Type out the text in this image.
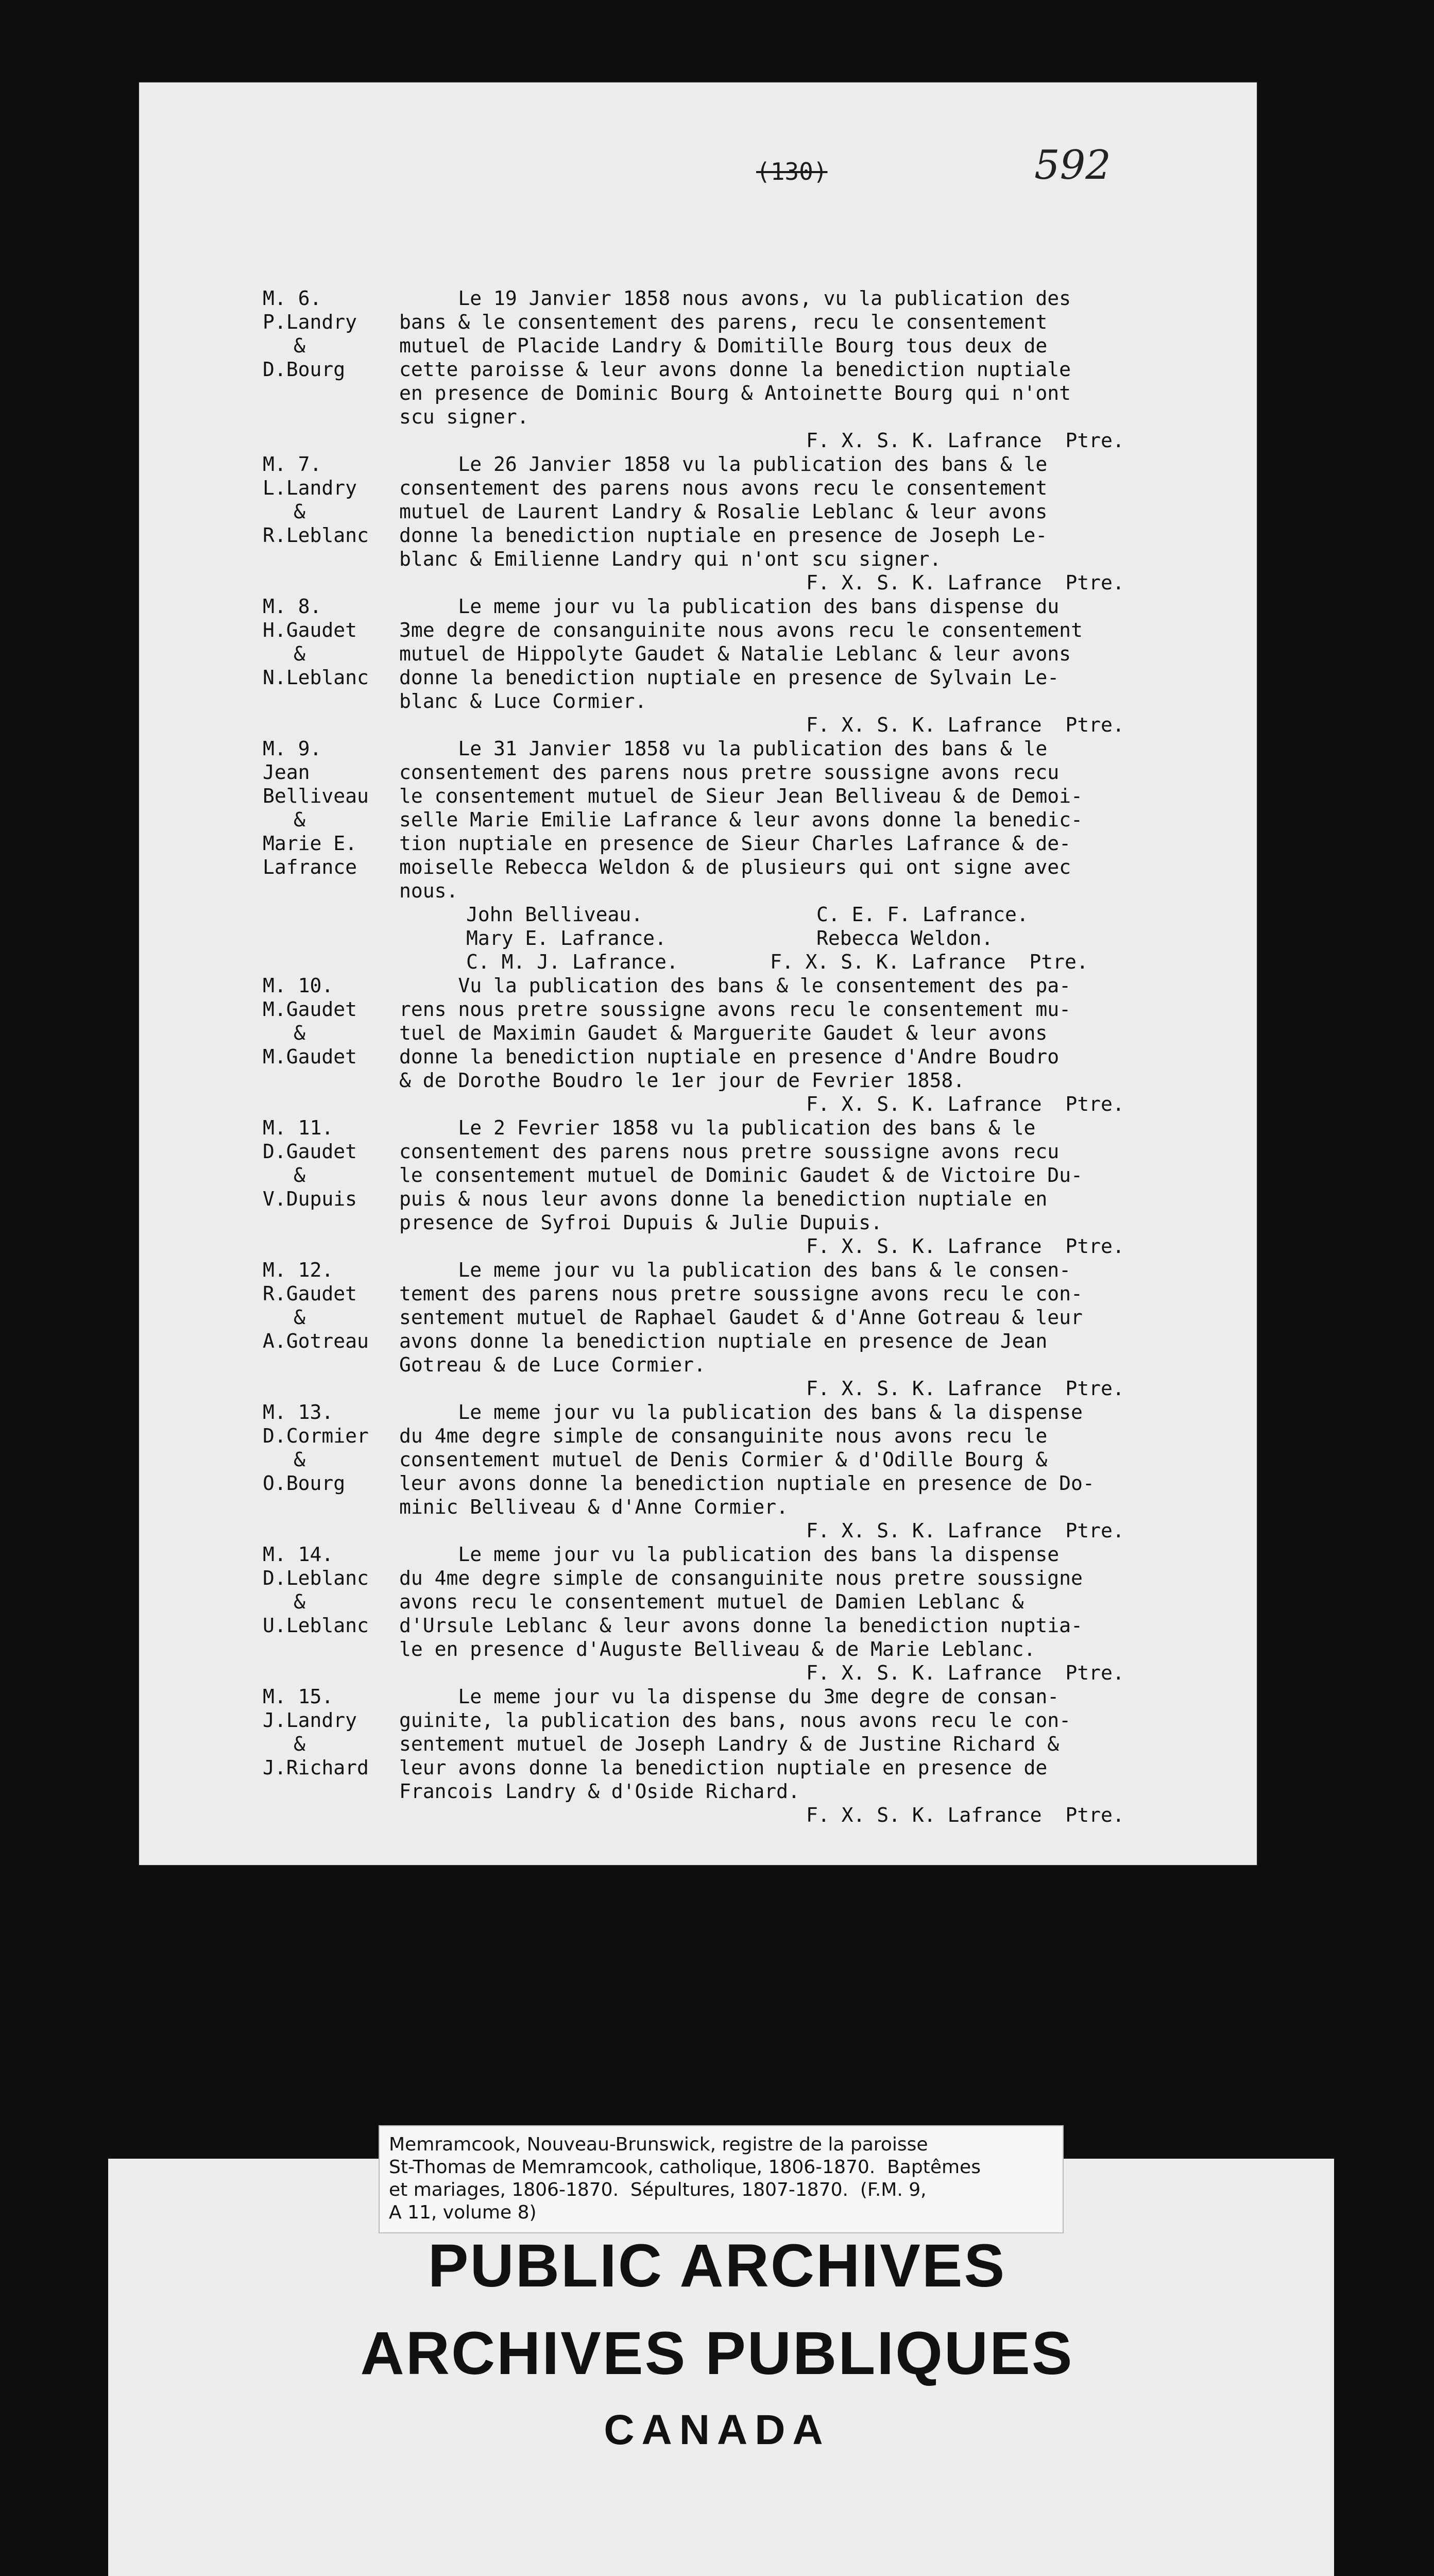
(130)	592
M. 6.
P.Landry
&
D.Bourg
Le 19 Janvier 1858 nous avons, vu la publication des
bans & le consentement des parens, recu le consentement
mutuel de Placide Landry & Domitille Bourg tous deux de
cette paroisse & leur avons donne la benediction nuptiale
en presence de Dominic Bourg & Antoinette Bourg qui n'ont
scu signer.
F. X. S. K. Lafrance  Ptre.
M. 7.
L.Landry
&
R.Leblanc
Le 26 Janvier 1858 vu la publication des bans & le
consentement des parens nous avons recu le consentement
mutuel de Laurent Landry & Rosalie Leblanc & leur avons
donne la benediction nuptiale en presence de Joseph Le-
blanc & Emilienne Landry qui n'ont scu signer.
F. X. S. K. Lafrance  Ptre.
M. 8.
H.Gaudet
&
N.Leblanc
Le meme jour vu la publication des bans dispense du
3me degre de consanguinite nous avons recu le consentement
mutuel de Hippolyte Gaudet & Natalie Leblanc & leur avons
donne la benediction nuptiale en presence de Sylvain Le-
blanc & Luce Cormier.
F. X. S. K. Lafrance  Ptre.
M. 9.
Jean
Belliveau
&
Marie E.
Lafrance
Le 31 Janvier 1858 vu la publication des bans & le
consentement des parens nous pretre soussigne avons recu
le consentement mutuel de Sieur Jean Belliveau & de Demoi-
selle Marie Emilie Lafrance & leur avons donne la benedic-
tion nuptiale en presence de Sieur Charles Lafrance & de-
moiselle Rebecca Weldon & de plusieurs qui ont signe avec
nous.
John Belliveau.
Mary E. Lafrance.
C. M. J. Lafrance.
C. E. F. Lafrance.
Rebecca Weldon.
F. X. S. K. Lafrance  Ptre.
M. 10.
M.Gaudet
&
M.Gaudet
Vu la publication des bans & le consentement des pa-
rens nous pretre soussigne avons recu le consentement mu-
tuel de Maximin Gaudet & Marguerite Gaudet & leur avons
donne la benediction nuptiale en presence d'Andre Boudro
& de Dorothe Boudro le 1er jour de Fevrier 1858.
F. X. S. K. Lafrance  Ptre.
M. 11.
D.Gaudet
&
V.Dupuis
Le 2 Fevrier 1858 vu la publication des bans & le
consentement des parens nous pretre soussigne avons recu
le consentement mutuel de Dominic Gaudet & de Victoire Du-
puis & nous leur avons donne la benediction nuptiale en
presence de Syfroi Dupuis & Julie Dupuis.
F. X. S. K. Lafrance  Ptre.
M. 12.
R.Gaudet
&
A.Gotreau
Le meme jour vu la publication des bans & le consen-
tement des parens nous pretre soussigne avons recu le con-
sentement mutuel de Raphael Gaudet & d'Anne Gotreau & leur
avons donne la benediction nuptiale en presence de Jean
Gotreau & de Luce Cormier.
F. X. S. K. Lafrance  Ptre.
M. 13.
D.Cormier
&
O.Bourg
Le meme jour vu la publication des bans & la dispense
du 4me degre simple de consanguinite nous avons recu le
consentement mutuel de Denis Cormier & d'Odille Bourg &
leur avons donne la benediction nuptiale en presence de Do-
minic Belliveau & d'Anne Cormier.
F. X. S. K. Lafrance  Ptre.
M. 14.
D.Leblanc
&
U.Leblanc
Le meme jour vu la publication des bans la dispense
du 4me degre simple de consanguinite nous pretre soussigne
avons recu le consentement mutuel de Damien Leblanc &
d'Ursule Leblanc & leur avons donne la benediction nuptia-
le en presence d'Auguste Belliveau & de Marie Leblanc.
F. X. S. K. Lafrance  Ptre.
M. 15.
J.Landry
&
J.Richard
Le meme jour vu la dispense du 3me degre de consan-
guinite, la publication des bans, nous avons recu le con-
sentement mutuel de Joseph Landry & de Justine Richard &
leur avons donne la benediction nuptiale en presence de
Francois Landry & d'Oside Richard.
F. X. S. K. Lafrance  Ptre.
Memramcook, Nouveau-Brunswick, registre de la paroisse
St-Thomas de Memramcook, catholique, 1806-1870.  Baptêmes
et mariages, 1806-1870.  Sépultures, 1807-1870.  (F.M. 9,
A 11, volume 8)
PUBLIC ARCHIVES
ARCHIVES PUBLIQUES
CANADA
